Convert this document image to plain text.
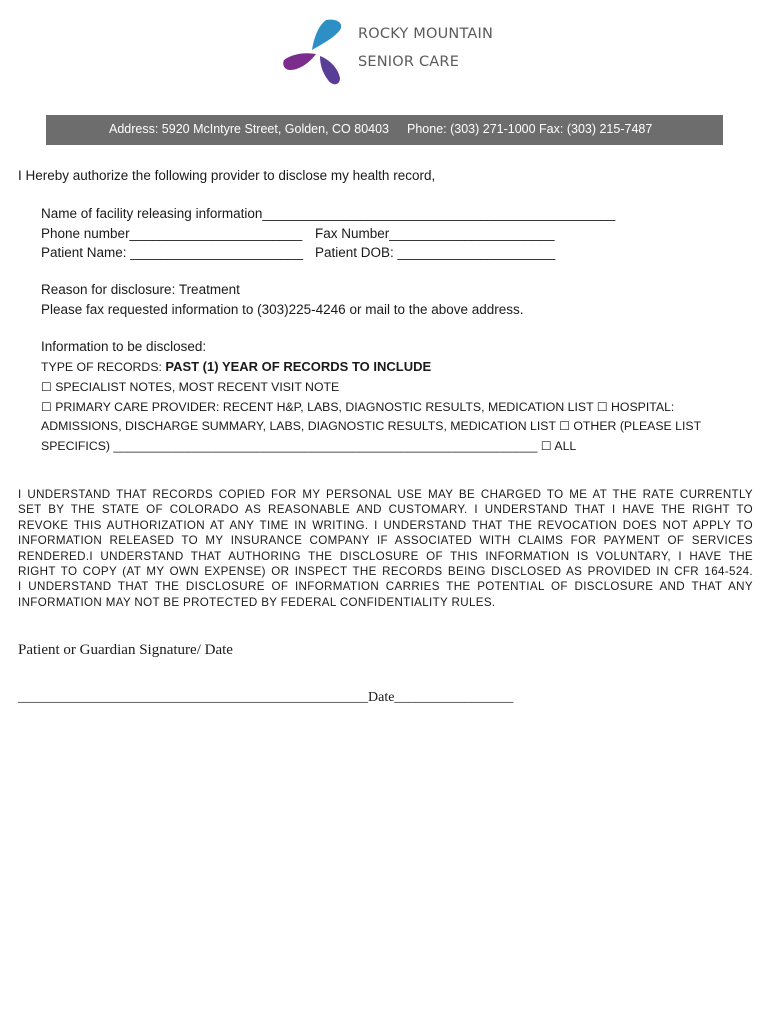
ROCKY MOUNTAIN
SENIOR CARE
Address: 5920 McIntyre Street, Golden, CO 80403 Phone: (303) 271-1000 Fax: (303) 215-7487
I Hereby authorize the following provider to disclose my health record,
Name of facility releasing information_______________________________________________
Phone number_______________________ Fax Number______________________
Patient Name: _______________________ Patient DOB: _____________________
Reason for disclosure: Treatment
Please fax requested information to (303)225-4246 or mail to the above address.
Information to be disclosed:
TYPE OF RECORDS: PAST (1) YEAR OF RECORDS TO INCLUDE
☐ SPECIALIST NOTES, MOST RECENT VISIT NOTE
☐ PRIMARY CARE PROVIDER: RECENT H&P, LABS, DIAGNOSTIC RESULTS, MEDICATION LIST ☐ HOSPITAL:
ADMISSIONS, DISCHARGE SUMMARY, LABS, DIAGNOSTIC RESULTS, MEDICATION LIST ☐ OTHER (PLEASE LIST
SPECIFICS) ______________________________________________________________ ☐ ALL
I UNDERSTAND THAT RECORDS COPIED FOR MY PERSONAL USE MAY BE CHARGED TO ME AT THE RATE CURRENTLY
SET BY THE STATE OF COLORADO AS REASONABLE AND CUSTOMARY. I UNDERSTAND THAT I HAVE THE RIGHT TO
REVOKE THIS AUTHORIZATION AT ANY TIME IN WRITING. I UNDERSTAND THAT THE REVOCATION DOES NOT APPLY TO
INFORMATION RELEASED TO MY INSURANCE COMPANY IF ASSOCIATED WITH CLAIMS FOR PAYMENT OF SERVICES
RENDERED.I UNDERSTAND THAT AUTHORING THE DISCLOSURE OF THIS INFORMATION IS VOLUNTARY, I HAVE THE
RIGHT TO COPY (AT MY OWN EXPENSE) OR INSPECT THE RECORDS BEING DISCLOSED AS PROVIDED IN CFR 164-524.
I UNDERSTAND THAT THE DISCLOSURE OF INFORMATION CARRIES THE POTENTIAL OF DISCLOSURE AND THAT ANY
INFORMATION MAY NOT BE PROTECTED BY FEDERAL CONFIDENTIALITY RULES.
Patient or Guardian Signature/ Date
__________________________________________________Date_________________
